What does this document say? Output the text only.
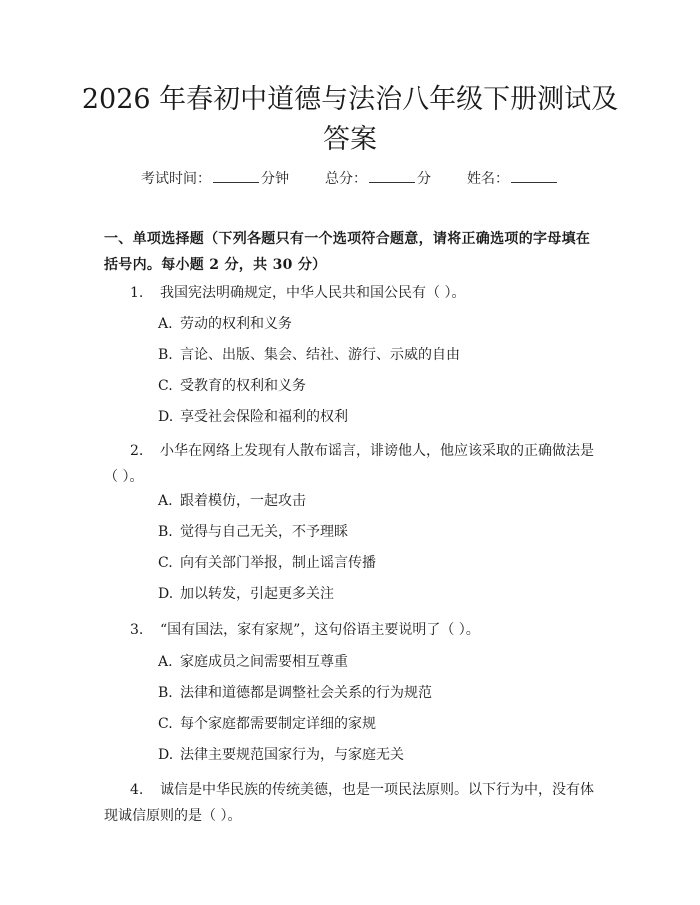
2026 年春初中道德与法治八年级下册测试及
答案
考试时间：	分钟	总分：	分	姓名：
一、单项选择题（下列各题只有一个选项符合题意，请将正确选项的字母填在括号内。每小题 2 分，共 30 分）
1. 我国宪法明确规定，中华人民共和国公民有（ ）。
A. 劳动的权利和义务
B. 言论、出版、集会、结社、游行、示威的自由
C. 受教育的权利和义务
D. 享受社会保险和福利的权利
2. 小华在网络上发现有人散布谣言，诽谤他人，他应该采取的正确做法是（ ）。
A. 跟着模仿，一起攻击
B. 觉得与自己无关，不予理睬
C. 向有关部门举报，制止谣言传播
D. 加以转发，引起更多关注
3. “国有国法，家有家规”，这句俗语主要说明了（ ）。
A. 家庭成员之间需要相互尊重
B. 法律和道德都是调整社会关系的行为规范
C. 每个家庭都需要制定详细的家规
D. 法律主要规范国家行为，与家庭无关
4. 诚信是中华民族的传统美德，也是一项民法原则。以下行为中，没有体现诚信原则的是（ ）。
